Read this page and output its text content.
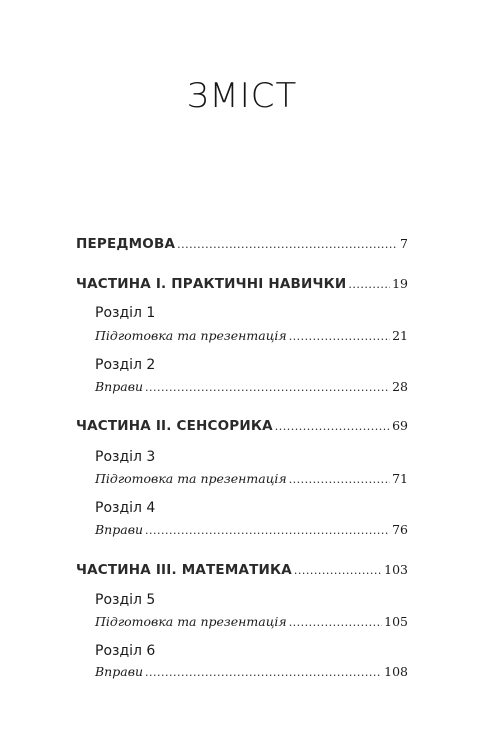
ЗМІСТ
ПЕРЕДМОВА .....	7
ЧАСТИНА І. ПРАКТИЧНІ НАВИЧКИ .....	19
Розділ 1
Підготовка та презентація .....	21
Розділ 2
Вправи .....	28
ЧАСТИНА ІІ. СЕНСОРИКА .....	69
Розділ 3
Підготовка та презентація .....	71
Розділ 4
Вправи .....	76
ЧАСТИНА ІІІ. МАТЕМАТИКА .....	103
Розділ 5
Підготовка та презентація .....	105
Розділ 6
Вправи .....	108
